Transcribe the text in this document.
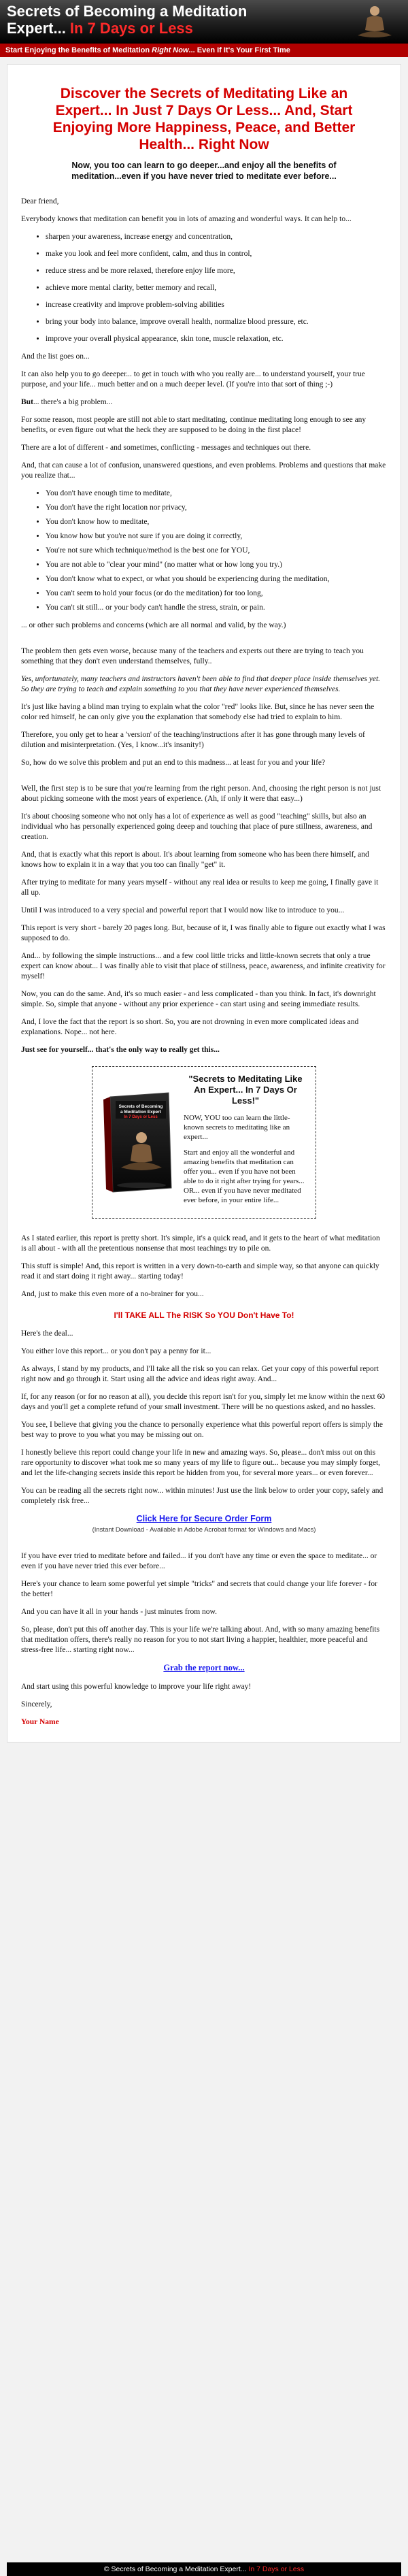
Secrets of Becoming a Meditation
Expert... In 7 Days or Less
Start Enjoying the Benefits of Meditation Right Now... Even If It's Your First Time
Discover the Secrets of Meditating Like an Expert... In Just 7 Days Or Less... And, Start Enjoying More Happiness, Peace, and Better Health... Right Now
Now, you too can learn to go deeper...and enjoy all the benefits of meditation...even if you have never tried to meditate ever before...

Dear friend,

Everybody knows that meditation can benefit you in lots of amazing and wonderful ways. It can help to...

• sharpen your awareness, increase energy and concentration,
• make you look and feel more confident, calm, and thus in control,
• reduce stress and be more relaxed, therefore enjoy life more,
• achieve more mental clarity, better memory and recall,
• increase creativity and improve problem-solving abilities
• bring your body into balance, improve overall health, normalize blood pressure, etc.
• improve your overall physical appearance, skin tone, muscle relaxation, etc.

And the list goes on...

It can also help you to go deeeper... to get in touch with who you really are... to understand yourself, your true purpose, and your life... much better and on a much deeper level. (If you're into that sort of thing ;-)

But... there's a big problem...

For some reason, most people are still not able to start meditating, continue meditating long enough to see any benefits, or even figure out what the heck they are supposed to be doing in the first place!

There are a lot of different - and sometimes, conflicting - messages and techniques out there.

And, that can cause a lot of confusion, unanswered questions, and even problems. Problems and questions that make you realize that...

• You don't have enough time to meditate,
• You don't have the right location nor privacy,
• You don't know how to meditate,
• You know how but you're not sure if you are doing it correctly,
• You're not sure which technique/method is the best one for YOU,
• You are not able to "clear your mind" (no matter what or how long you try.)
• You don't know what to expect, or what you should be experiencing during the meditation,
• You can't seem to hold your focus (or do the meditation) for too long,
• You can't sit still... or your body can't handle the stress, strain, or pain.

... or other such problems and concerns (which are all normal and valid, by the way.)

The problem then gets even worse, because many of the teachers and experts out there are trying to teach you something that they don't even understand themselves, fully..

Yes, unfortunately, many teachers and instructors haven't been able to find that deeper place inside themselves yet. So they are trying to teach and explain something to you that they have never experienced themselves.

It's just like having a blind man trying to explain what the color "red" looks like. But, since he has never seen the color red himself, he can only give you the explanation that somebody else had tried to explain to him.

Therefore, you only get to hear a 'version' of the teaching/instructions after it has gone through many levels of dilution and misinterpretation. (Yes, I know...it's insanity!)

So, how do we solve this problem and put an end to this madness... at least for you and your life?

Well, the first step is to be sure that you're learning from the right person. And, choosing the right person is not just about picking someone with the most years of experience. (Ah, if only it were that easy...)

It's about choosing someone who not only has a lot of experience as well as good "teaching" skills, but also an individual who has personally experienced going deeep and touching that place of pure stillness, awareness, and creation.

And, that is exactly what this report is about. It's about learning from someone who has been there himself, and knows how to explain it in a way that you too can finally "get" it.

After trying to meditate for many years myself - without any real idea or results to keep me going, I finally gave it all up.

Until I was introduced to a very special and powerful report that I would now like to introduce to you...

This report is very short - barely 20 pages long. But, because of it, I was finally able to figure out exactly what I was supposed to do.

And... by following the simple instructions... and a few cool little tricks and little-known secrets that only a true expert can know about... I was finally able to visit that place of stillness, peace, awareness, and infinite creativity for myself!

Now, you can do the same. And, it's so much easier - and less complicated - than you think. In fact, it's downright simple. So, simple that anyone - without any prior experience - can start using and seeing immediate results.

And, I love the fact that the report is so short. So, you are not drowning in even more complicated ideas and explanations. Nope... not here.

Just see for yourself... that's the only way to really get this...

Secrets of Becoming
a Meditation Expert
In 7 Days or Less
"Secrets to Meditating Like An Expert... In 7 Days Or Less!"

NOW, YOU too can learn the little-known secrets to meditating like an expert...

Start and enjoy all the wonderful and amazing benefits that meditation can offer you... even if you have not been able to do it right after trying for years... OR... even if you have never meditated ever before, in your entire life...

As I stated earlier, this report is pretty short. It's simple, it's a quick read, and it gets to the heart of what meditation is all about - with all the pretentious nonsense that most teachings try to pile on.

This stuff is simple! And, this report is written in a very down-to-earth and simple way, so that anyone can quickly read it and start doing it right away... starting today!

And, just to make this even more of a no-brainer for you...

I'll TAKE ALL The RISK So YOU Don't Have To!

Here's the deal...

You either love this report... or you don't pay a penny for it...

As always, I stand by my products, and I'll take all the risk so you can relax. Get your copy of this powerful report right now and go through it. Start using all the advice and ideas right away. And...

If, for any reason (or for no reason at all), you decide this report isn't for you, simply let me know within the next 60 days and you'll get a complete refund of your small investment. There will be no questions asked, and no hassles.

You see, I believe that giving you the chance to personally experience what this powerful report offers is simply the best way to prove to you what you may be missing out on.

I honestly believe this report could change your life in new and amazing ways. So, please... don't miss out on this rare opportunity to discover what took me so many years of my life to figure out... because you may simply forget, and let the life-changing secrets inside this report be hidden from you, for several more years... or even forever...

You can be reading all the secrets right now... within minutes! Just use the link below to order your copy, safely and completely risk free...

Click Here for Secure Order Form
(Instant Download - Available in Adobe Acrobat format for Windows and Macs)

If you have ever tried to meditate before and failed... if you don't have any time or even the space to meditate... or even if you have never tried this ever before...

Here's your chance to learn some powerful yet simple "tricks" and secrets that could change your life forever - for the better!

And you can have it all in your hands - just minutes from now.

So, please, don't put this off another day. This is your life we're talking about. And, with so many amazing benefits that meditation offers, there's really no reason for you to not start living a happier, healthier, more peaceful and stress-free life... starting right now...

Grab the report now...

And start using this powerful knowledge to improve your life right away!

Sincerely,

Your Name

© Secrets of Becoming a Meditation Expert... In 7 Days or Less
